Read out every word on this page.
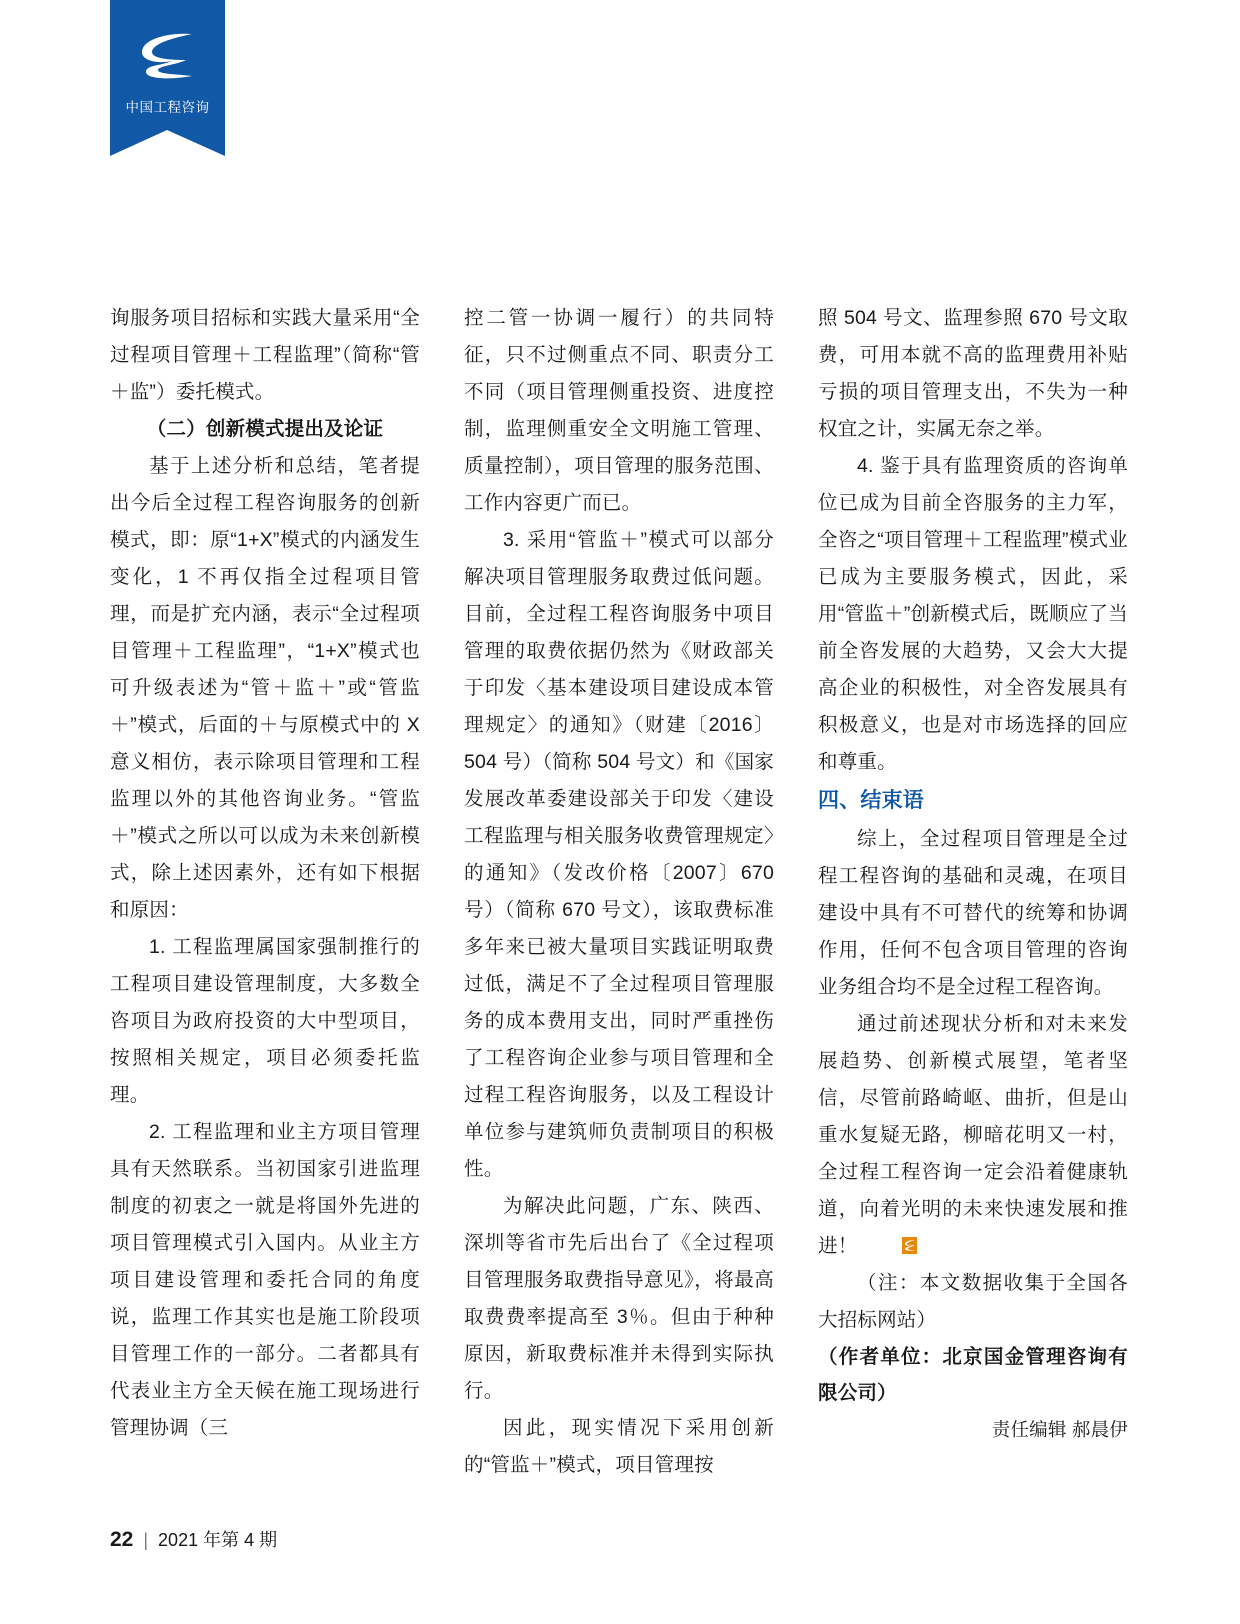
中国工程咨询

询服务项目招标和实践大量采用“全过程项目管理＋工程监理”（简称“管＋监”）委托模式。

（二）创新模式提出及论证

基于上述分析和总结，笔者提出今后全过程工程咨询服务的创新模式，即：原“1+X”模式的内涵发生变化，1 不再仅指全过程项目管理，而是扩充内涵，表示“全过程项目管理＋工程监理”，“1+X”模式也可升级表述为“管＋监＋”或“管监＋”模式，后面的＋与原模式中的 X 意义相仿，表示除项目管理和工程监理以外的其他咨询业务。“管监＋”模式之所以可以成为未来创新模式，除上述因素外，还有如下根据和原因：

1. 工程监理属国家强制推行的工程项目建设管理制度，大多数全咨项目为政府投资的大中型项目，按照相关规定，项目必须委托监理。

2. 工程监理和业主方项目管理具有天然联系。当初国家引进监理制度的初衷之一就是将国外先进的项目管理模式引入国内。从业主方项目建设管理和委托合同的角度说，监理工作其实也是施工阶段项目管理工作的一部分。二者都具有代表业主方全天候在施工现场进行管理协调（三

控二管一协调一履行）的共同特征，只不过侧重点不同、职责分工不同（项目管理侧重投资、进度控制，监理侧重安全文明施工管理、质量控制），项目管理的服务范围、工作内容更广而已。

3. 采用“管监＋”模式可以部分解决项目管理服务取费过低问题。目前，全过程工程咨询服务中项目管理的取费依据仍然为《财政部关于印发〈基本建设项目建设成本管理规定〉的通知》（财建〔2016〕504 号）（简称 504 号文）和《国家发展改革委建设部关于印发〈建设工程监理与相关服务收费管理规定〉的通知》（发改价格〔2007〕670 号）（简称 670 号文），该取费标准多年来已被大量项目实践证明取费过低，满足不了全过程项目管理服务的成本费用支出，同时严重挫伤了工程咨询企业参与项目管理和全过程工程咨询服务，以及工程设计单位参与建筑师负责制项目的积极性。

为解决此问题，广东、陕西、深圳等省市先后出台了《全过程项目管理服务取费指导意见》，将最高取费费率提高至 3％。但由于种种原因，新取费标准并未得到实际执行。

因此，现实情况下采用创新的“管监＋”模式，项目管理按

照 504 号文、监理参照 670 号文取费，可用本就不高的监理费用补贴亏损的项目管理支出，不失为一种权宜之计，实属无奈之举。

4. 鉴于具有监理资质的咨询单位已成为目前全咨服务的主力军，全咨之“项目管理＋工程监理”模式业已成为主要服务模式，因此，采用“管监＋”创新模式后，既顺应了当前全咨发展的大趋势，又会大大提高企业的积极性，对全咨发展具有积极意义，也是对市场选择的回应和尊重。

四、结束语

综上，全过程项目管理是全过程工程咨询的基础和灵魂，在项目建设中具有不可替代的统筹和协调作用，任何不包含项目管理的咨询业务组合均不是全过程工程咨询。

通过前述现状分析和对未来发展趋势、创新模式展望，笔者坚信，尽管前路崎岖、曲折，但是山重水复疑无路，柳暗花明又一村，全过程工程咨询一定会沿着健康轨道，向着光明的未来快速发展和推进！

（注：本文数据收集于全国各大招标网站）

（作者单位：北京国金管理咨询有限公司）

责任编辑 郝晨伊

22 | 2021 年第 4 期
